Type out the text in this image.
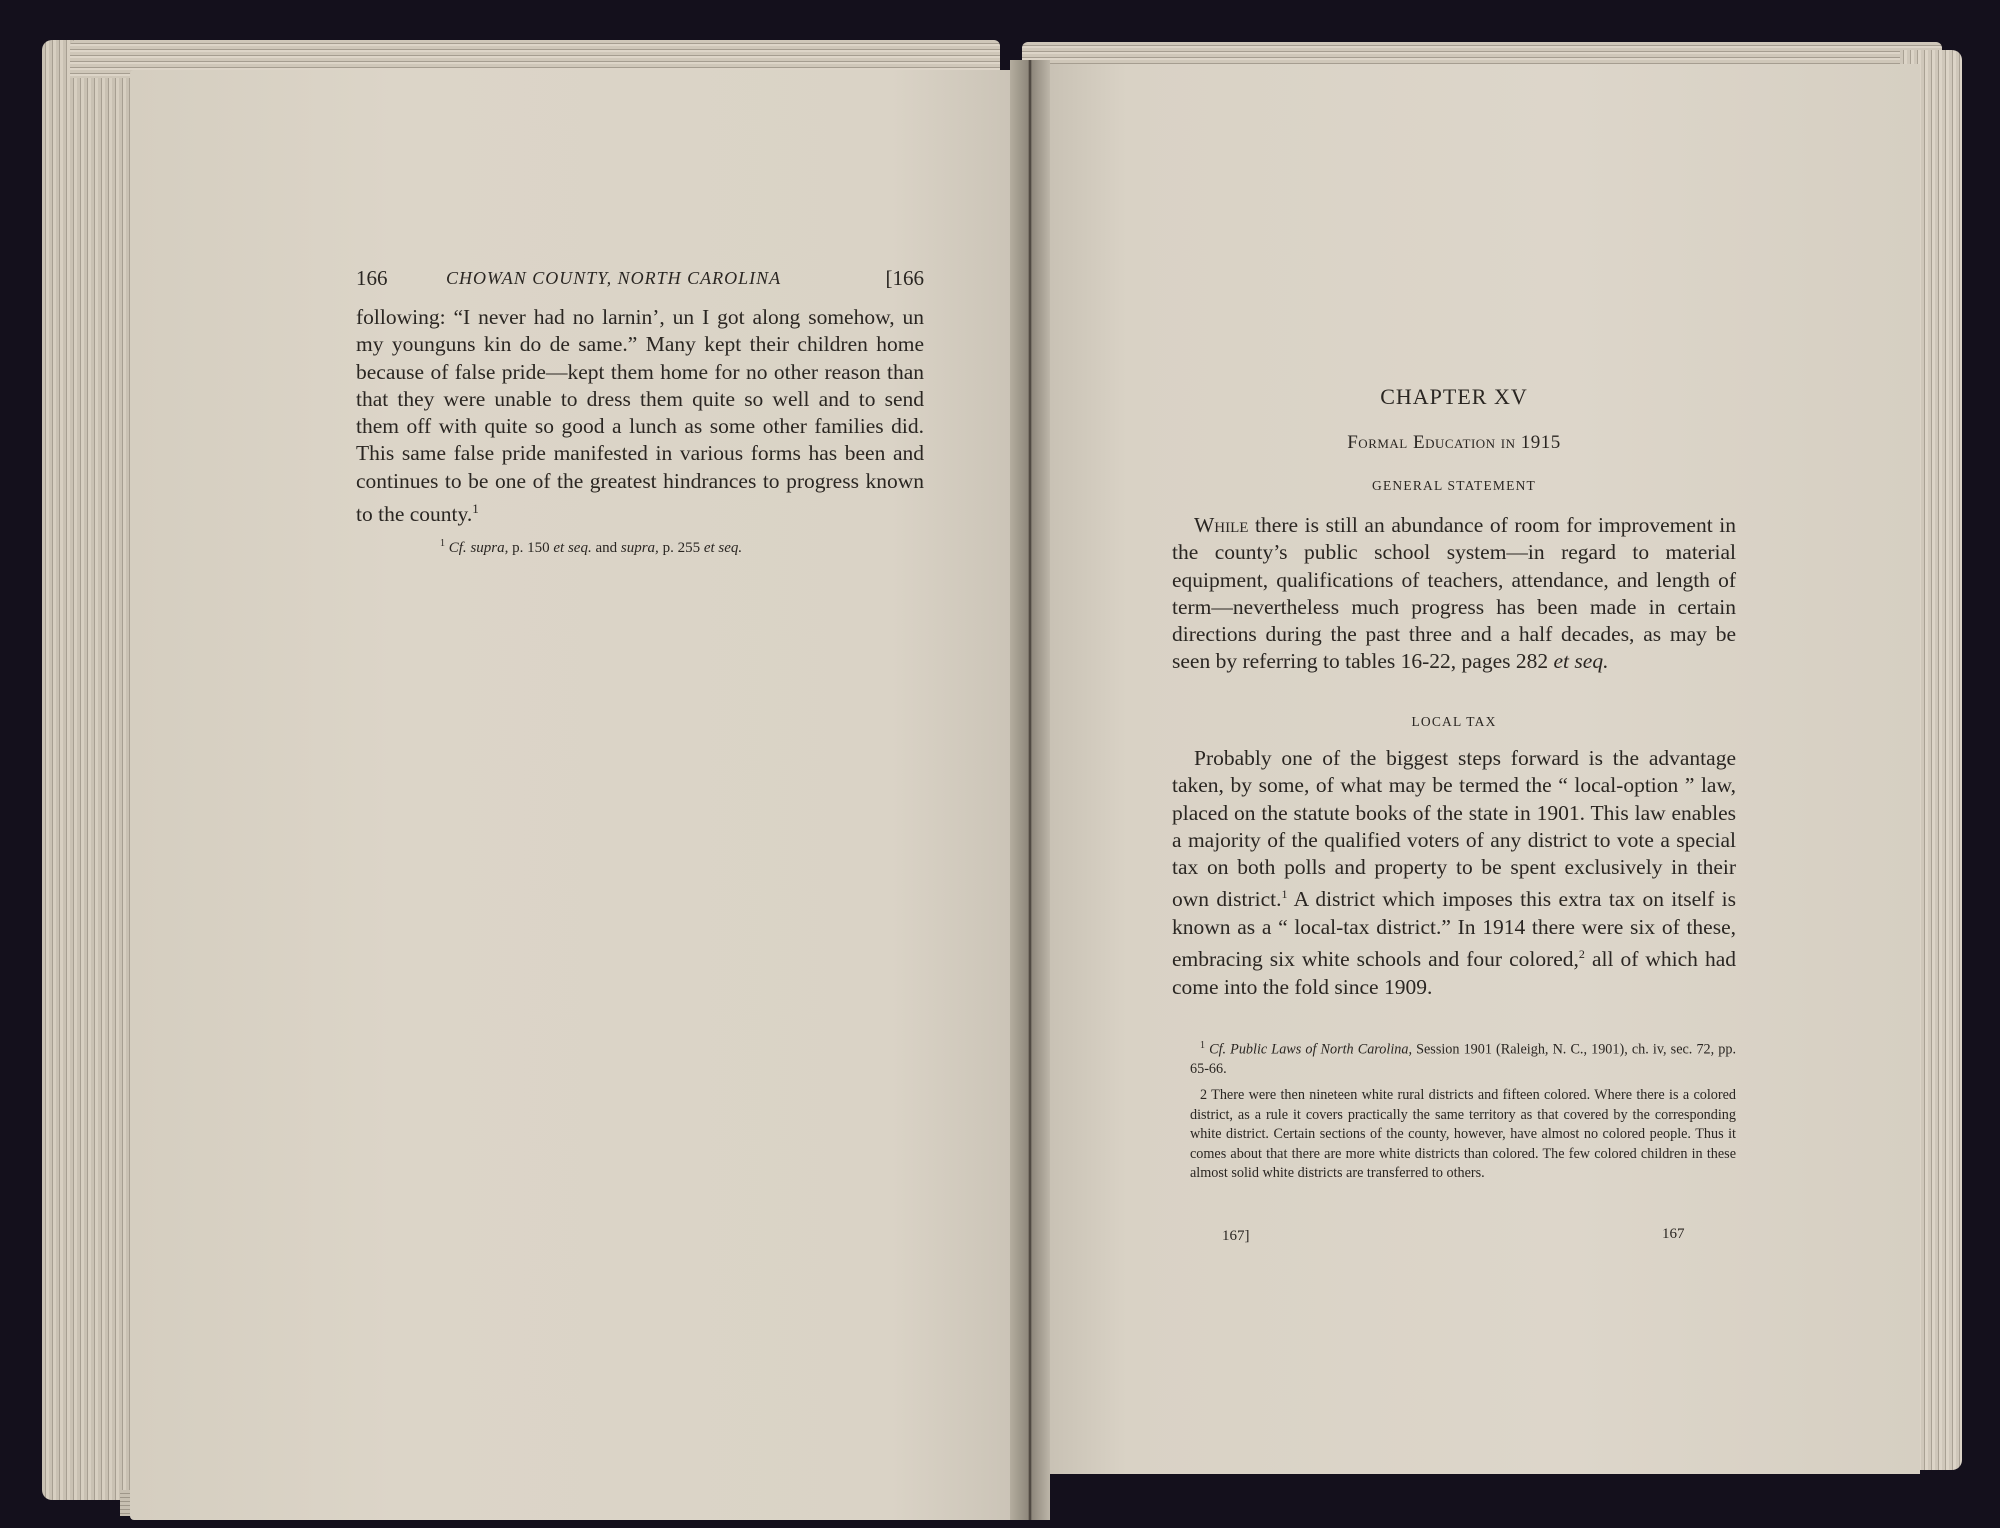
166	CHOWAN COUNTY, NORTH CAROLINA	[166

following: “I never had no larnin’, un I got along somehow, un my younguns kin do de same.” Many kept their children home because of false pride—kept them home for no other reason than that they were unable to dress them quite so well and to send them off with quite so good a lunch as some other families did. This same false pride manifested in various forms has been and continues to be one of the greatest hindrances to progress known to the county.$^1$

$^1$ Cf. supra, p. 150 et seq. and supra, p. 255 et seq.
CHAPTER XV
Formal Education in 1915
GENERAL STATEMENT

While there is still an abundance of room for improvement in the county’s public school system—in regard to material equipment, qualifications of teachers, attendance, and length of term—nevertheless much progress has been made in certain directions during the past three and a half decades, as may be seen by referring to tables 16-22, pages 282 et seq.

LOCAL TAX

Probably one of the biggest steps forward is the advantage taken, by some, of what may be termed the “ local-option ” law, placed on the statute books of the state in 1901. This law enables a majority of the qualified voters of any district to vote a special tax on both polls and property to be spent exclusively in their own district.$^1$ A district which imposes this extra tax on itself is known as a “ local-tax district.” In 1914 there were six of these, embracing six white schools and four colored,$^2$ all of which had come into the fold since 1909.

$^1$ Cf. Public Laws of North Carolina, Session 1901 (Raleigh, N. C., 1901), ch. iv, sec. 72, pp. 65-66.

2 There were then nineteen white rural districts and fifteen colored. Where there is a colored district, as a rule it covers practically the same territory as that covered by the corresponding white district. Certain sections of the county, however, have almost no colored people. Thus it comes about that there are more white districts than colored. The few colored children in these almost solid white districts are transferred to others.

167]	167
